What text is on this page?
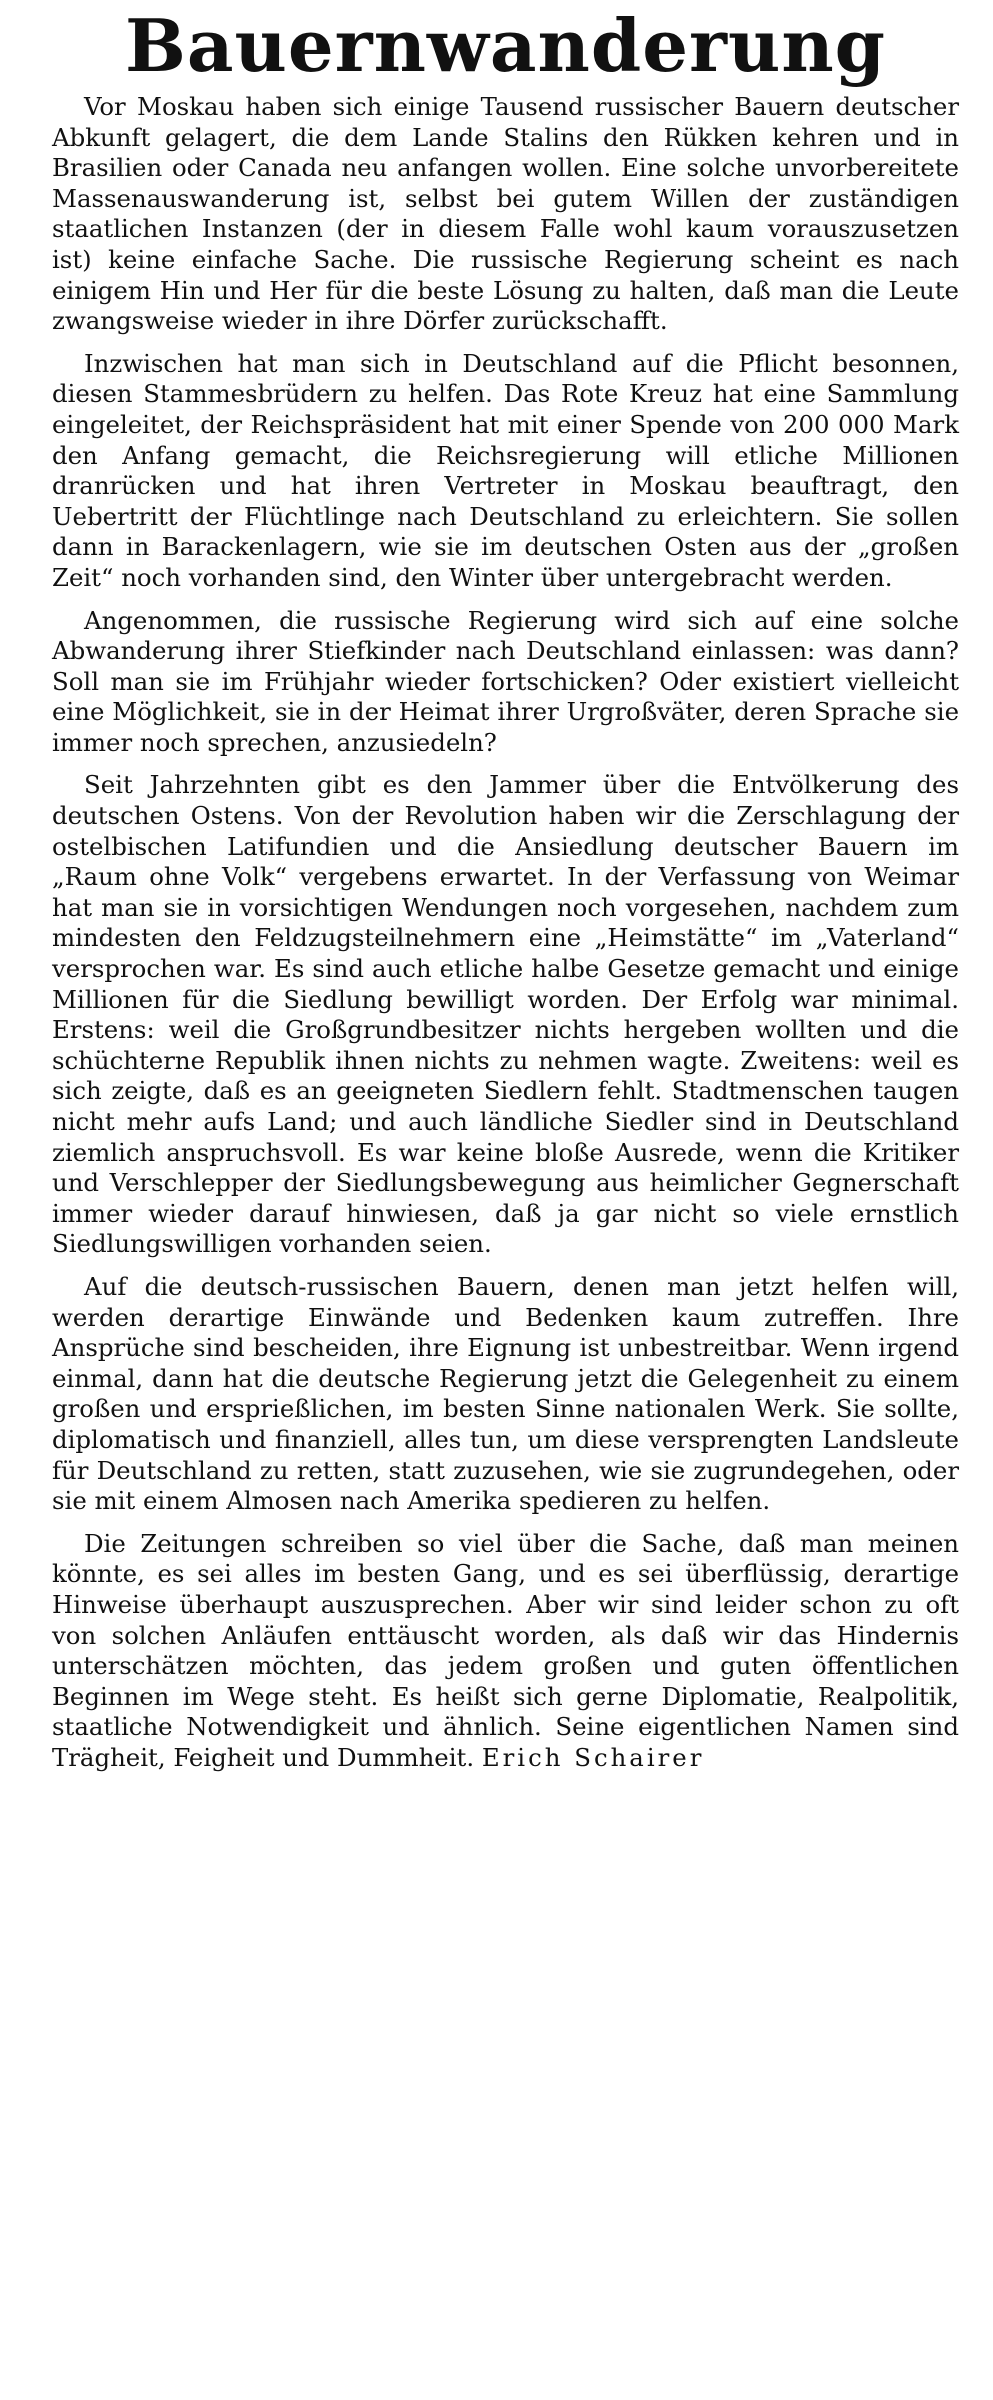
Bauernwanderung

Vor Moskau haben sich einige Tausend russischer Bauern deutscher Abkunft gelagert, die dem Lande Stalins den Rükken kehren und in Brasilien oder Canada neu anfangen wollen. Eine solche unvorbereitete Massenauswanderung ist, selbst bei gutem Willen der zuständigen staatlichen Instanzen (der in diesem Falle wohl kaum vorauszusetzen ist) keine einfache Sache. Die russische Regierung scheint es nach einigem Hin und Her für die beste Lösung zu halten, daß man die Leute zwangsweise wieder in ihre Dörfer zurückschafft.

Inzwischen hat man sich in Deutschland auf die Pflicht besonnen, diesen Stammesbrüdern zu helfen. Das Rote Kreuz hat eine Sammlung eingeleitet, der Reichspräsident hat mit einer Spende von 200 000 Mark den Anfang gemacht, die Reichsregierung will etliche Millionen dranrücken und hat ihren Vertreter in Moskau beauftragt, den Uebertritt der Flüchtlinge nach Deutschland zu erleichtern. Sie sollen dann in Barackenlagern, wie sie im deutschen Osten aus der „großen Zeit“ noch vorhanden sind, den Winter über untergebracht werden.

Angenommen, die russische Regierung wird sich auf eine solche Abwanderung ihrer Stiefkinder nach Deutschland einlassen: was dann? Soll man sie im Frühjahr wieder fortschicken? Oder existiert vielleicht eine Möglichkeit, sie in der Heimat ihrer Urgroßväter, deren Sprache sie immer noch sprechen, anzusiedeln?

Seit Jahrzehnten gibt es den Jammer über die Entvölkerung des deutschen Ostens. Von der Revolution haben wir die Zerschlagung der ostelbischen Latifundien und die Ansiedlung deutscher Bauern im „Raum ohne Volk“ vergebens erwartet. In der Verfassung von Weimar hat man sie in vorsichtigen Wendungen noch vorgesehen, nachdem zum mindesten den Feldzugsteilnehmern eine „Heimstätte“ im „Vaterland“ versprochen war. Es sind auch etliche halbe Gesetze gemacht und einige Millionen für die Siedlung bewilligt worden. Der Erfolg war minimal. Erstens: weil die Großgrundbesitzer nichts hergeben wollten und die schüchterne Republik ihnen nichts zu nehmen wagte. Zweitens: weil es sich zeigte, daß es an geeigneten Siedlern fehlt. Stadtmenschen taugen nicht mehr aufs Land; und auch ländliche Siedler sind in Deutschland ziemlich anspruchsvoll. Es war keine bloße Ausrede, wenn die Kritiker und Verschlepper der Siedlungsbewegung aus heimlicher Gegnerschaft immer wieder darauf hinwiesen, daß ja gar nicht so viele ernstlich Siedlungswilligen vorhanden seien.

Auf die deutsch-russischen Bauern, denen man jetzt helfen will, werden derartige Einwände und Bedenken kaum zutreffen. Ihre Ansprüche sind bescheiden, ihre Eignung ist unbestreitbar. Wenn irgend einmal, dann hat die deutsche Regierung jetzt die Gelegenheit zu einem großen und ersprießlichen, im besten Sinne nationalen Werk. Sie sollte, diplomatisch und finanziell, alles tun, um diese versprengten Landsleute für Deutschland zu retten, statt zuzusehen, wie sie zugrundegehen, oder sie mit einem Almosen nach Amerika spedieren zu helfen.

Die Zeitungen schreiben so viel über die Sache, daß man meinen könnte, es sei alles im besten Gang, und es sei überflüssig, derartige Hinweise überhaupt auszusprechen. Aber wir sind leider schon zu oft von solchen Anläufen enttäuscht worden, als daß wir das Hindernis unterschätzen möchten, das jedem großen und guten öffentlichen Beginnen im Wege steht. Es heißt sich gerne Diplomatie, Realpolitik, staatliche Notwendigkeit und ähnlich. Seine eigentlichen Namen sind Trägheit, Feigheit und Dummheit. Erich Schairer
